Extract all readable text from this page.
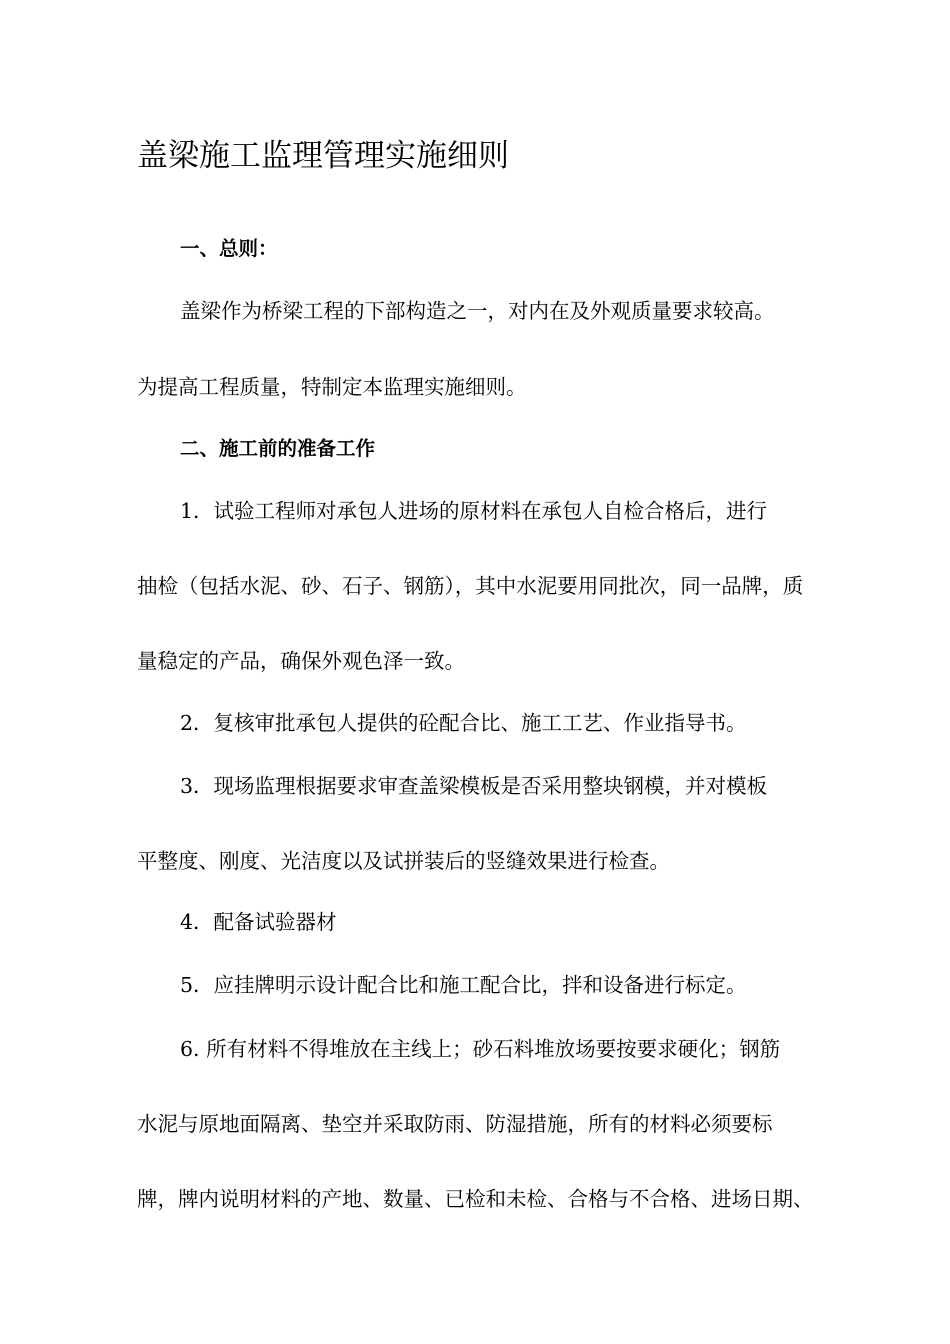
盖梁施工监理管理实施细则

一、总则：

盖梁作为桥梁工程的下部构造之一，对内在及外观质量要求较高。

为提高工程质量，特制定本监理实施细则。

二、施工前的准备工作

1．试验工程师对承包人进场的原材料在承包人自检合格后，进行

抽检（包括水泥、砂、石子、钢筋），其中水泥要用同批次，同一品牌，质

量稳定的产品，确保外观色泽一致。

2．复核审批承包人提供的砼配合比、施工工艺、作业指导书。

3．现场监理根据要求审查盖梁模板是否采用整块钢模，并对模板

平整度、刚度、光洁度以及试拼装后的竖缝效果进行检查。

4．配备试验器材

5．应挂牌明示设计配合比和施工配合比，拌和设备进行标定。

6. 所有材料不得堆放在主线上；砂石料堆放场要按要求硬化；钢筋

水泥与原地面隔离、垫空并采取防雨、防湿措施，所有的材料必须要标

牌，牌内说明材料的产地、数量、已检和未检、合格与不合格、进场日期、
